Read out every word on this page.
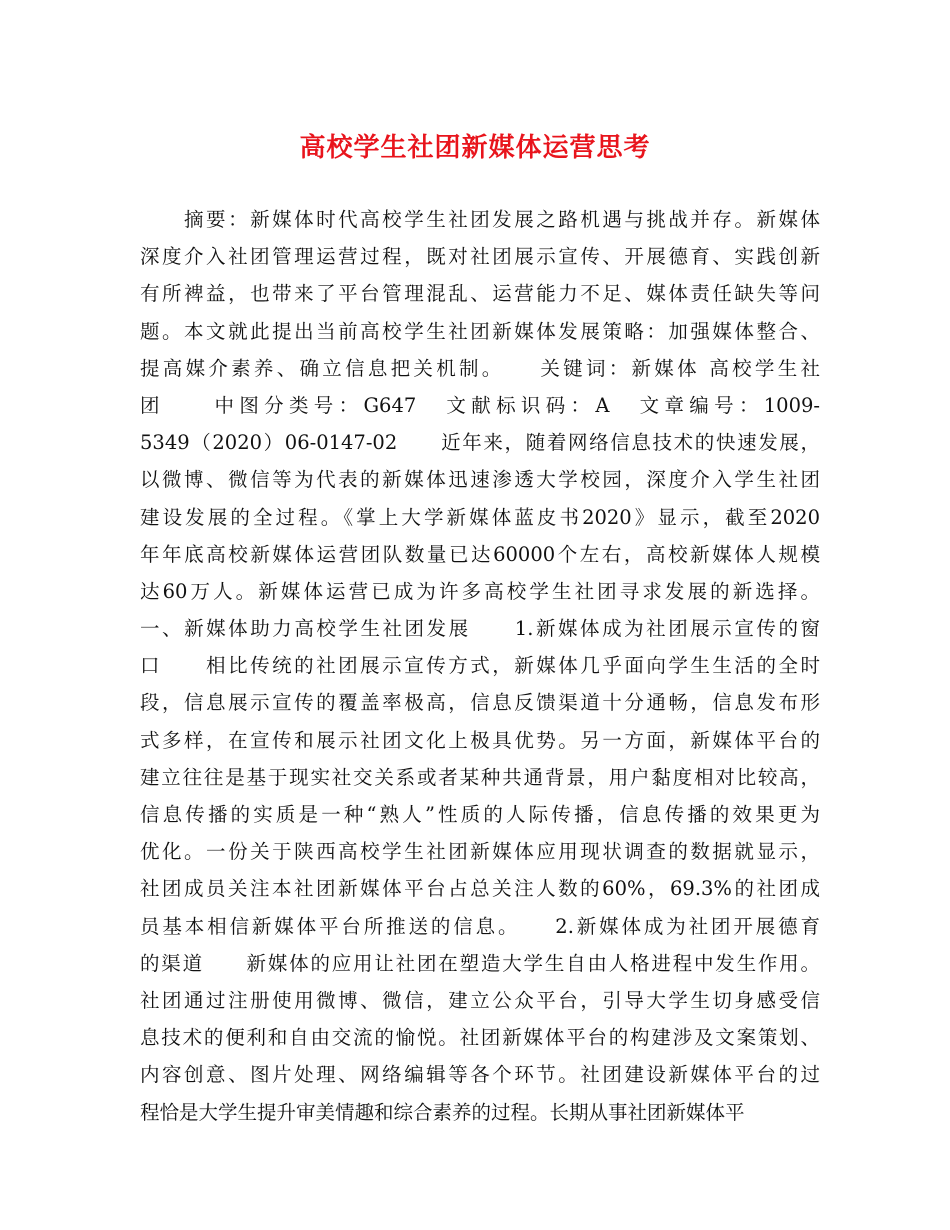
高校学生社团新媒体运营思考
　　摘要：新媒体时代高校学生社团发展之路机遇与挑战并存。新媒体
深度介入社团管理运营过程，既对社团展示宣传、开展德育、实践创新
有所裨益，也带来了平台管理混乱、运营能力不足、媒体责任缺失等问
题。本文就此提出当前高校学生社团新媒体发展策略：加强媒体整合、
提高媒介素养、确立信息把关机制。　　关键词：新媒体 高校学生社
团　　中图分类号：G647　文献标识码：A　文章编号：1009-
5349（2020）06-0147-02　　近年来，随着网络信息技术的快速发展，
以微博、微信等为代表的新媒体迅速渗透大学校园，深度介入学生社团
建设发展的全过程。《掌上大学新媒体蓝皮书2020》显示，截至2020
年年底高校新媒体运营团队数量已达60000个左右，高校新媒体人规模
达60万人。新媒体运营已成为许多高校学生社团寻求发展的新选择。
一、新媒体助力高校学生社团发展　　1.新媒体成为社团展示宣传的窗
口　　相比传统的社团展示宣传方式，新媒体几乎面向学生生活的全时
段，信息展示宣传的覆盖率极高，信息反馈渠道十分通畅，信息发布形
式多样，在宣传和展示社团文化上极具优势。另一方面，新媒体平台的
建立往往是基于现实社交关系或者某种共通背景，用户黏度相对比较高，
信息传播的实质是一种“熟人”性质的人际传播，信息传播的效果更为
优化。一份关于陕西高校学生社团新媒体应用现状调查的数据就显示，
社团成员关注本社团新媒体平台占总关注人数的60%，69.3%的社团成
员基本相信新媒体平台所推送的信息。　　2.新媒体成为社团开展德育
的渠道　　新媒体的应用让社团在塑造大学生自由人格进程中发生作用。
社团通过注册使用微博、微信，建立公众平台，引导大学生切身感受信
息技术的便利和自由交流的愉悦。社团新媒体平台的构建涉及文案策划、
内容创意、图片处理、网络编辑等各个环节。社团建设新媒体平台的过
程恰是大学生提升审美情趣和综合素养的过程。长期从事社团新媒体平
